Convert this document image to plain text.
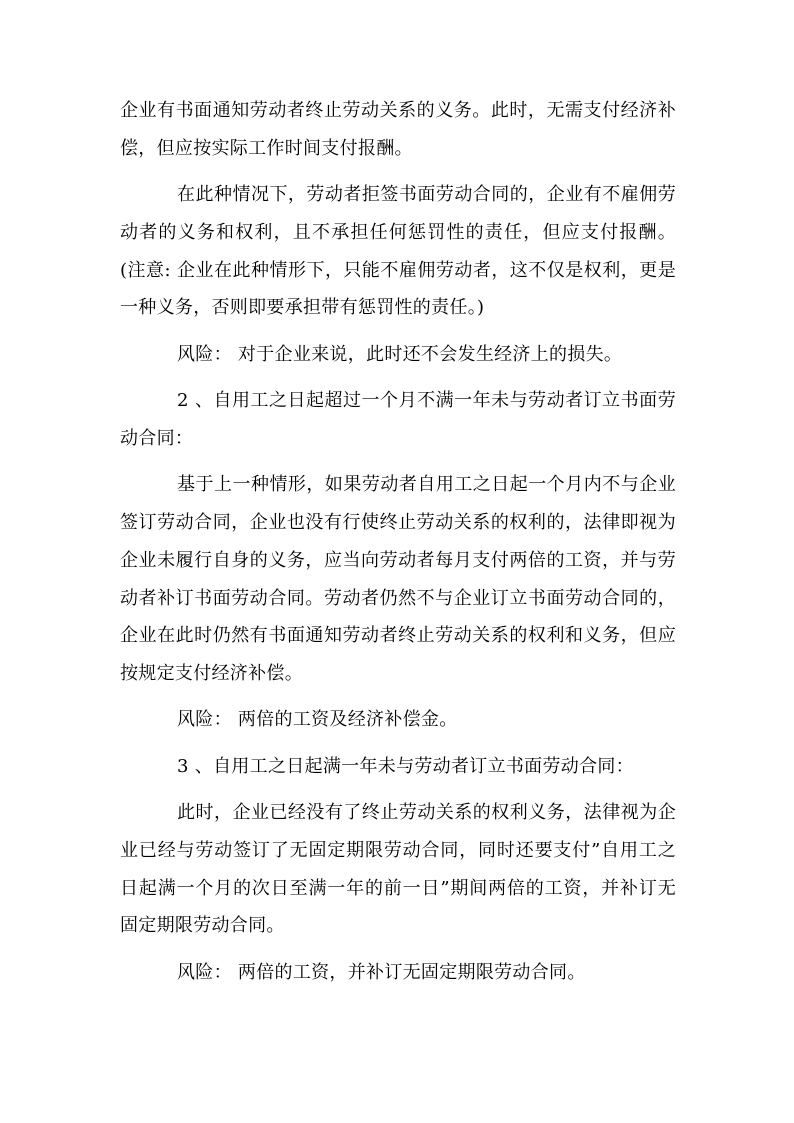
企业有书面通知劳动者终止劳动关系的义务。此时，无需支付经济补偿，但应按实际工作时间支付报酬。

在此种情况下，劳动者拒签书面劳动合同的，企业有不雇佣劳动者的义务和权利，且不承担任何惩罚性的责任，但应支付报酬。(注意: 企业在此种情形下，只能不雇佣劳动者，这不仅是权利，更是一种义务，否则即要承担带有惩罚性的责任。)

风险： 对于企业来说，此时还不会发生经济上的损失。

2 、自用工之日起超过一个月不满一年未与劳动者订立书面劳动合同：

基于上一种情形，如果劳动者自用工之日起一个月内不与企业签订劳动合同，企业也没有行使终止劳动关系的权利的，法律即视为企业未履行自身的义务，应当向劳动者每月支付两倍的工资，并与劳动者补订书面劳动合同。劳动者仍然不与企业订立书面劳动合同的，企业在此时仍然有书面通知劳动者终止劳动关系的权利和义务，但应按规定支付经济补偿。

风险： 两倍的工资及经济补偿金。

3 、自用工之日起满一年未与劳动者订立书面劳动合同：

此时，企业已经没有了终止劳动关系的权利义务，法律视为企业已经与劳动签订了无固定期限劳动合同，同时还要支付”自用工之日起满一个月的次日至满一年的前一日”期间两倍的工资，并补订无固定期限劳动合同。

风险： 两倍的工资，并补订无固定期限劳动合同。
